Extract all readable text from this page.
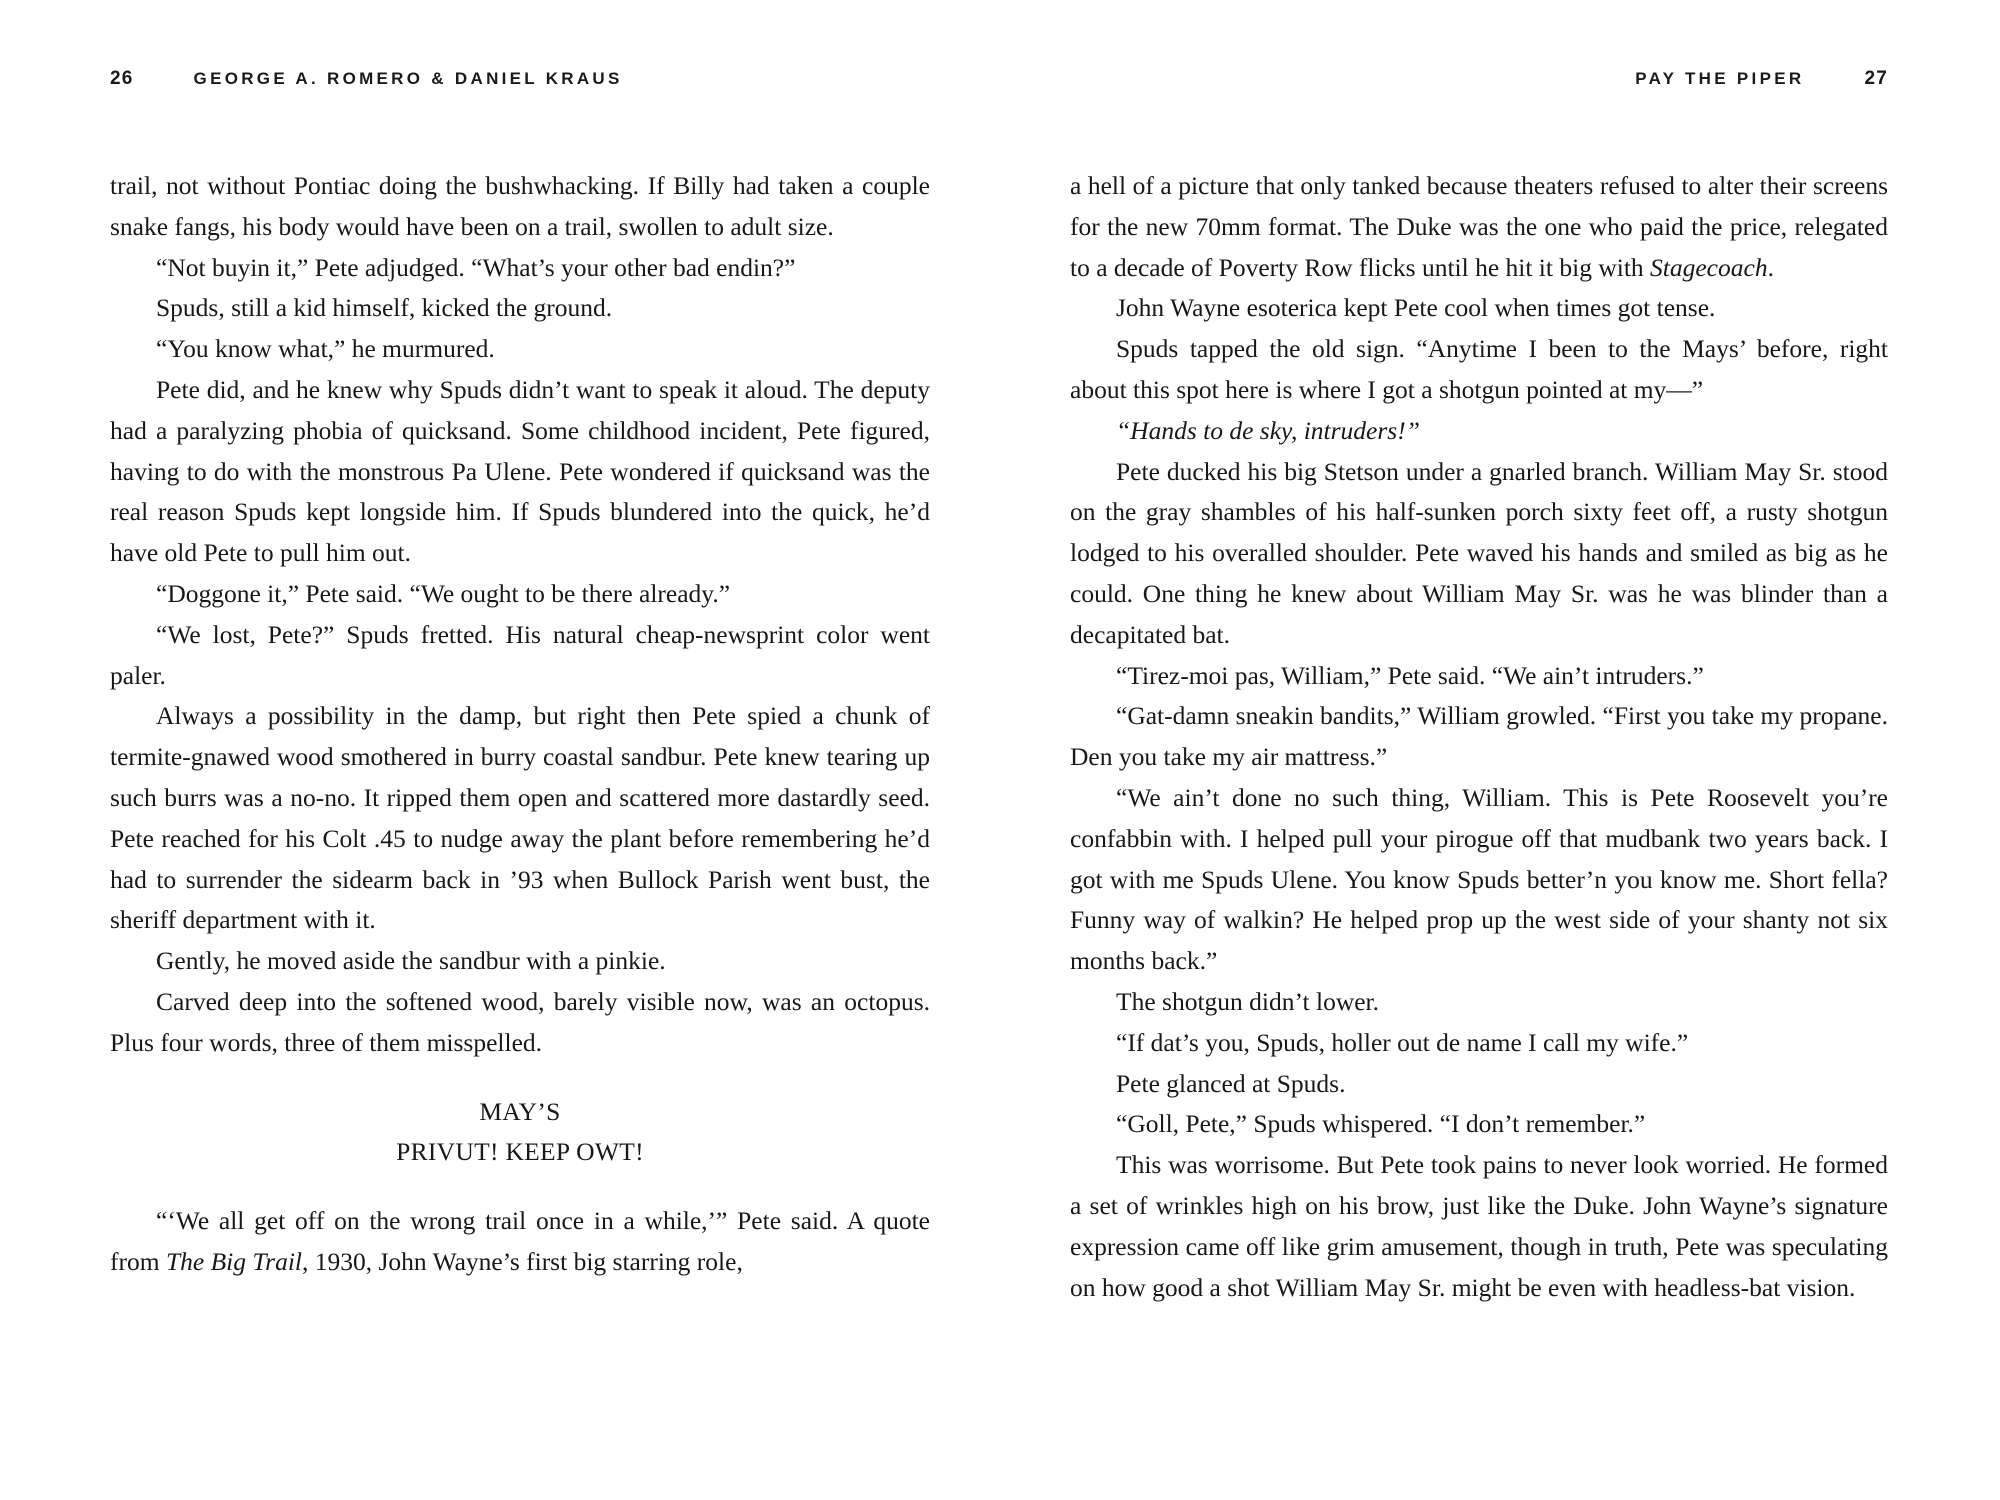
26	GEORGE A. ROMERO & DANIEL KRAUS

trail, not without Pontiac doing the bushwhacking. If Billy had taken a couple snake fangs, his body would have been on a trail, swollen to adult size.

“Not buyin it,” Pete adjudged. “What’s your other bad endin?”

Spuds, still a kid himself, kicked the ground.

“You know what,” he murmured.

Pete did, and he knew why Spuds didn’t want to speak it aloud. The deputy had a paralyzing phobia of quicksand. Some childhood incident, Pete figured, having to do with the monstrous Pa Ulene. Pete wondered if quicksand was the real reason Spuds kept longside him. If Spuds blundered into the quick, he’d have old Pete to pull him out.

“Doggone it,” Pete said. “We ought to be there already.”

“We lost, Pete?” Spuds fretted. His natural cheap-newsprint color went paler.

Always a possibility in the damp, but right then Pete spied a chunk of termite-gnawed wood smothered in burry coastal sandbur. Pete knew tearing up such burrs was a no-no. It ripped them open and scattered more dastardly seed. Pete reached for his Colt .45 to nudge away the plant before remembering he’d had to surrender the sidearm back in ’93 when Bullock Parish went bust, the sheriff department with it.

Gently, he moved aside the sandbur with a pinkie.

Carved deep into the softened wood, barely visible now, was an octopus. Plus four words, three of them misspelled.

MAY’S

PRIVUT! KEEP OWT!

“‘We all get off on the wrong trail once in a while,’” Pete said. A quote from The Big Trail, 1930, John Wayne’s first big starring role,

PAY THE PIPER	27

a hell of a picture that only tanked because theaters refused to alter their screens for the new 70mm format. The Duke was the one who paid the price, relegated to a decade of Poverty Row flicks until he hit it big with Stagecoach.

John Wayne esoterica kept Pete cool when times got tense.

Spuds tapped the old sign. “Anytime I been to the Mays’ before, right about this spot here is where I got a shotgun pointed at my—”

“Hands to de sky, intruders!”

Pete ducked his big Stetson under a gnarled branch. William May Sr. stood on the gray shambles of his half-sunken porch sixty feet off, a rusty shotgun lodged to his overalled shoulder. Pete waved his hands and smiled as big as he could. One thing he knew about William May Sr. was he was blinder than a decapitated bat.

“Tirez-moi pas, William,” Pete said. “We ain’t intruders.”

“Gat-damn sneakin bandits,” William growled. “First you take my propane. Den you take my air mattress.”

“We ain’t done no such thing, William. This is Pete Roosevelt you’re confabbin with. I helped pull your pirogue off that mudbank two years back. I got with me Spuds Ulene. You know Spuds better’n you know me. Short fella? Funny way of walkin? He helped prop up the west side of your shanty not six months back.”

The shotgun didn’t lower.

“If dat’s you, Spuds, holler out de name I call my wife.”

Pete glanced at Spuds.

“Goll, Pete,” Spuds whispered. “I don’t remember.”

This was worrisome. But Pete took pains to never look worried. He formed a set of wrinkles high on his brow, just like the Duke. John Wayne’s signature expression came off like grim amusement, though in truth, Pete was speculating on how good a shot William May Sr. might be even with headless-bat vision.
